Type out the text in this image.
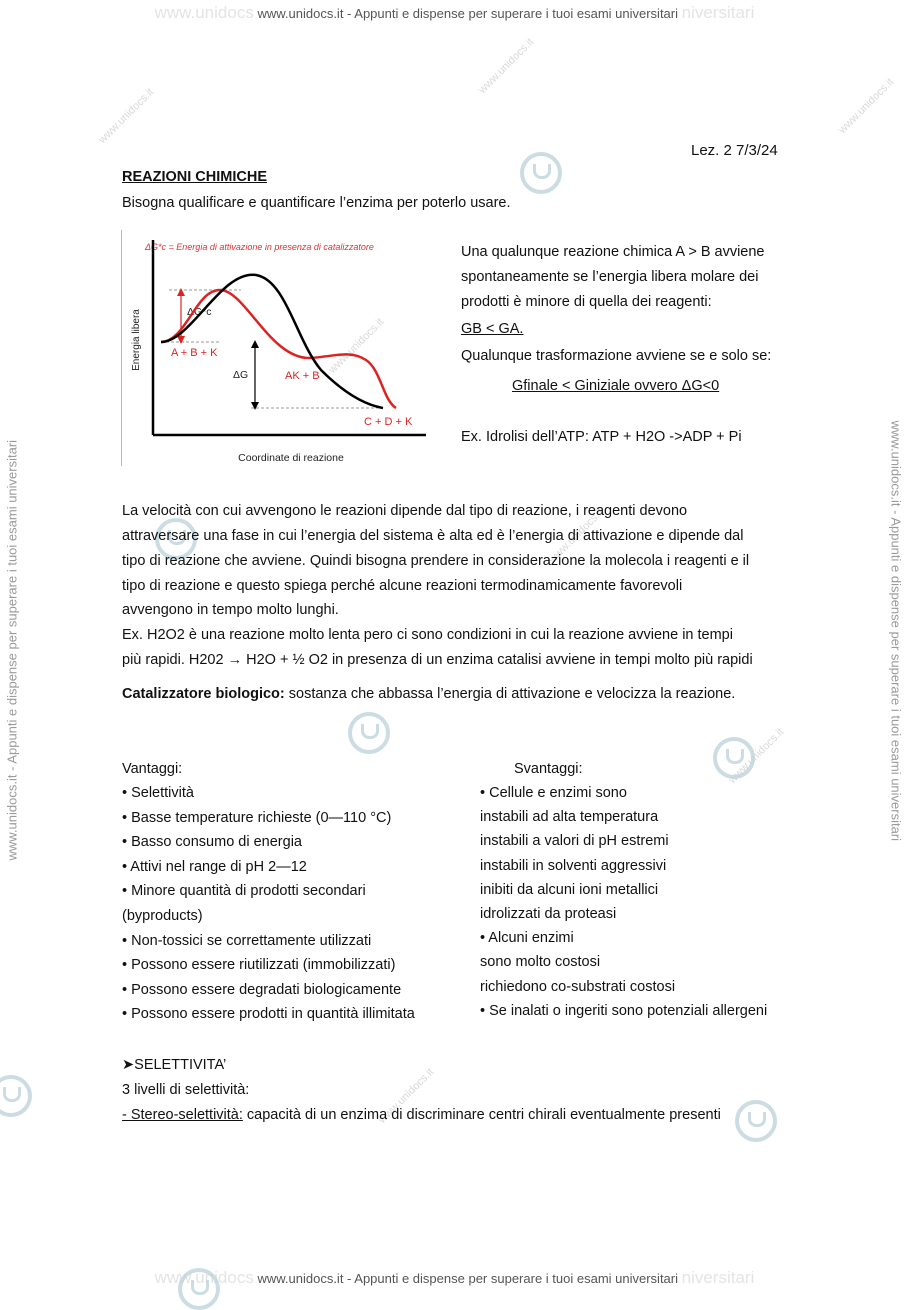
www.unidocs www.unidocs.it - Appunti e dispense per superare i tuoi esami universitari niversitari
www.unidocs www.unidocs.it - Appunti e dispense per superare i tuoi esami universitari niversitari
www.unidocs.it - Appunti e dispense per superare i tuoi esami universitari	www.unidocs.it - Appunti e dispense per superare i tuoi esami universitari
www.unidocs.it
www.unidocs.it
www.unidocs.it
www.unidocs.it
www.unidocs.it
www.unidocs.it
www.unidocs.it
Lez. 2 7/3/24
REAZIONI CHIMICHE
Bisogna qualificare e quantificare l’enzima per poterlo usare.
ΔG*c = Energia di attivazione in presenza di catalizzatore
Energia libera
Coordinate di reazione
ΔG*c
ΔG
A + B + K
AK + B
C + D + K
Una qualunque reazione chimica A > B avviene
spontaneamente se l’energia libera molare dei
prodotti è minore di quella dei reagenti:
GB < GA.
Qualunque trasformazione avviene se e solo se:
Gfinale < Giniziale ovvero ΔG<0
Ex. Idrolisi dell’ATP: ATP + H2O ->ADP + Pi
La velocità con cui avvengono le reazioni dipende dal tipo di reazione, i reagenti devono
attraversare una fase in cui l’energia del sistema è alta ed è l’energia di attivazione e dipende dal
tipo di reazione che avviene. Quindi bisogna prendere in considerazione la molecola i reagenti e il
tipo di reazione e questo spiega perché alcune reazioni termodinamicamente favorevoli
avvengono in tempo molto lunghi.
Ex. H2O2 è una reazione molto lenta pero ci sono condizioni in cui la reazione avviene in tempi
più rapidi. H202 → H2O + ½ O2 in presenza di un enzima catalisi avviene in tempi molto più rapidi
Catalizzatore biologico: sostanza che abbassa l’energia di attivazione e velocizza la reazione.
Vantaggi:
• Selettività
• Basse temperature richieste (0—110 °C)
• Basso consumo di energia
• Attivi nel range di pH 2—12
• Minore quantità di prodotti secondari
(byproducts)
• Non-tossici se correttamente utilizzati
• Possono essere riutilizzati (immobilizzati)
• Possono essere degradati biologicamente
• Possono essere prodotti in quantità illimitata
Svantaggi:
• Cellule e enzimi sono
instabili ad alta temperatura
instabili a valori di pH estremi
instabili in solventi aggressivi
inibiti da alcuni ioni metallici
idrolizzati da proteasi
• Alcuni enzimi
sono molto costosi
richiedono co-substrati costosi
• Se inalati o ingeriti sono potenziali allergeni
➤SELETTIVITA’
3 livelli di selettività:
- Stereo-selettività: capacità di un enzima di discriminare centri chirali eventualmente presenti
